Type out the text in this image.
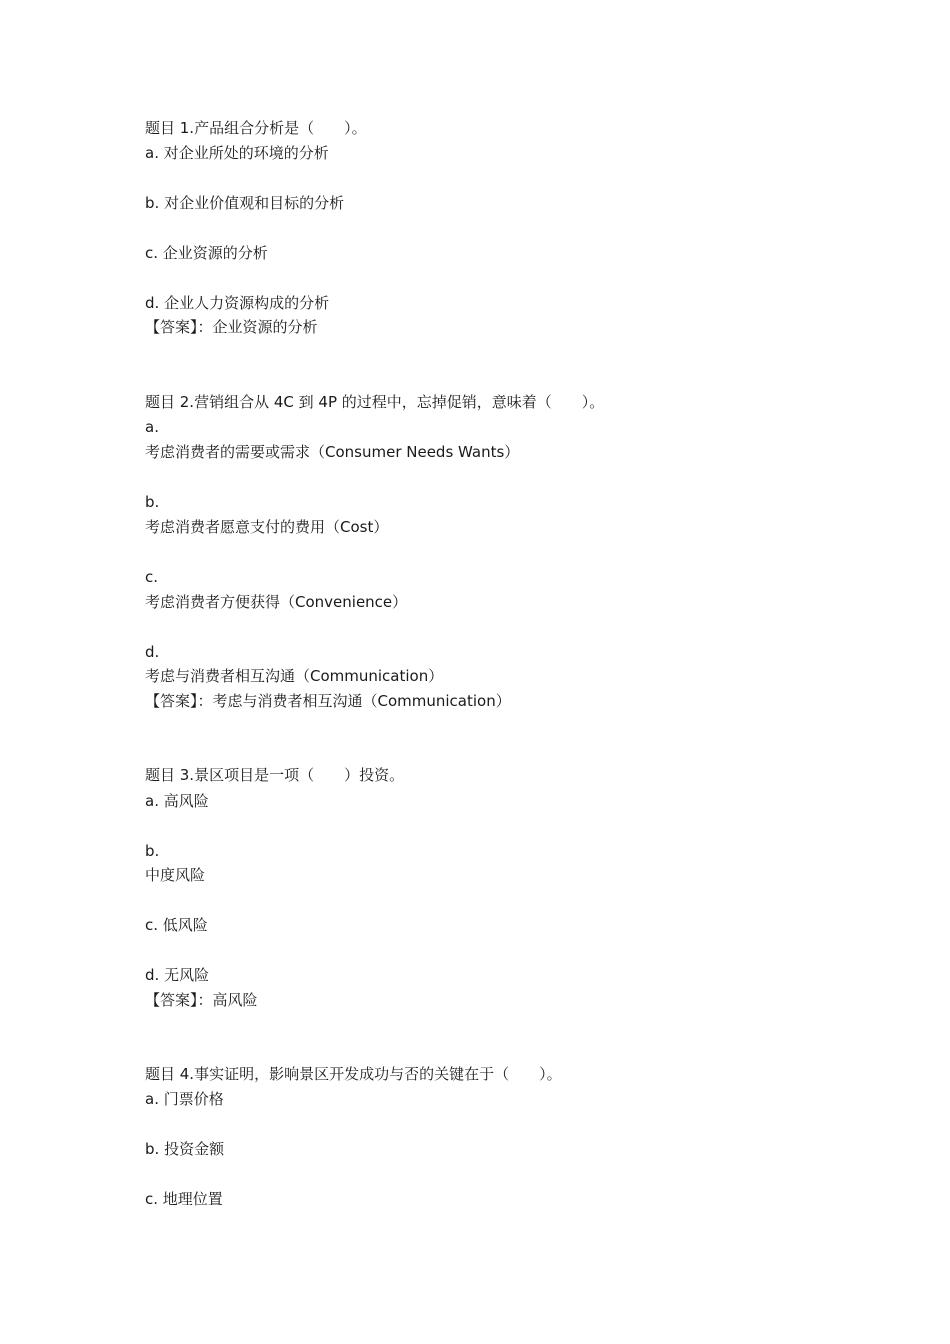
题目 1.产品组合分析是（　　）。
a. 对企业所处的环境的分析
b. 对企业价值观和目标的分析
c. 企业资源的分析
d. 企业人力资源构成的分析
【答案】：企业资源的分析
题目 2.营销组合从 4C 到 4P 的过程中，忘掉促销，意味着（　　）。
a.
考虑消费者的需要或需求（Consumer Needs Wants）
b.
考虑消费者愿意支付的费用（Cost）
c.
考虑消费者方便获得（Convenience）
d.
考虑与消费者相互沟通（Communication）
【答案】：考虑与消费者相互沟通（Communication）
题目 3.景区项目是一项（　　）投资。
a. 高风险
b.
中度风险
c. 低风险
d. 无风险
【答案】：高风险
题目 4.事实证明，影响景区开发成功与否的关键在于（　　）。
a. 门票价格
b. 投资金额
c. 地理位置
